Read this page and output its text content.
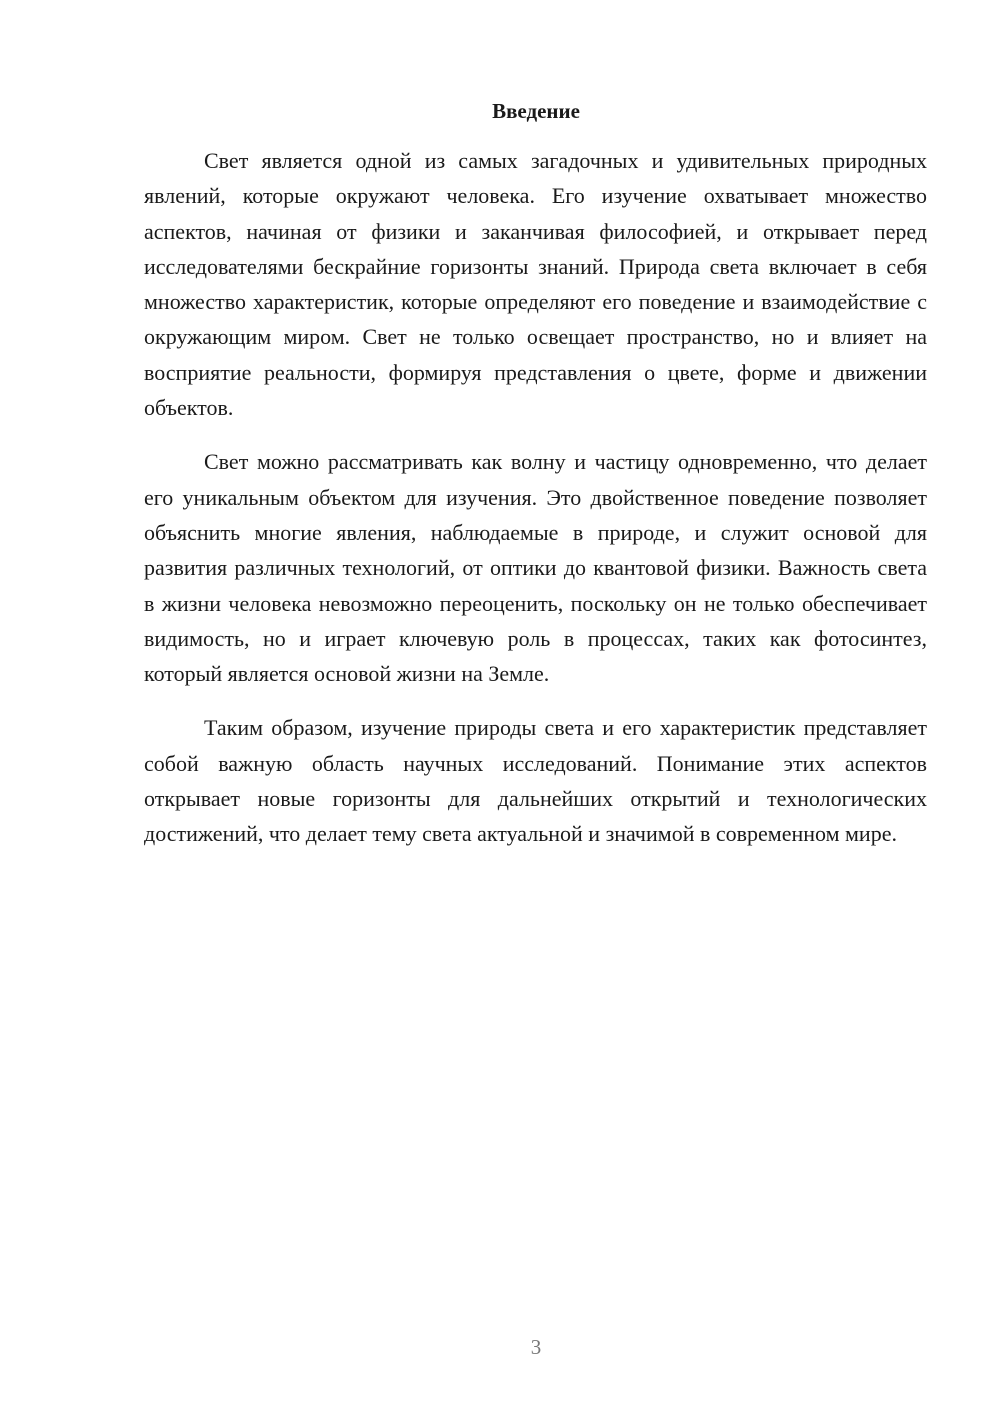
Введение

Свет является одной из самых загадочных и удивительных природных явлений, которые окружают человека. Его изучение охватывает множество аспектов, начиная от физики и заканчивая философией, и открывает перед исследователями бескрайние горизонты знаний. Природа света включает в себя множество характеристик, которые определяют его поведение и взаимодействие с окружающим миром. Свет не только освещает пространство, но и влияет на восприятие реальности, формируя представления о цвете, форме и движении объектов.

Свет можно рассматривать как волну и частицу одновременно, что делает его уникальным объектом для изучения. Это двойственное поведение позволяет объяснить многие явления, наблюдаемые в природе, и служит основой для развития различных технологий, от оптики до квантовой физики. Важность света в жизни человека невозможно переоценить, поскольку он не только обеспечивает видимость, но и играет ключевую роль в процессах, таких как фотосинтез, который является основой жизни на Земле.

Таким образом, изучение природы света и его характеристик представляет собой важную область научных исследований. Понимание этих аспектов открывает новые горизонты для дальнейших открытий и технологических достижений, что делает тему света актуальной и значимой в современном мире.

3
